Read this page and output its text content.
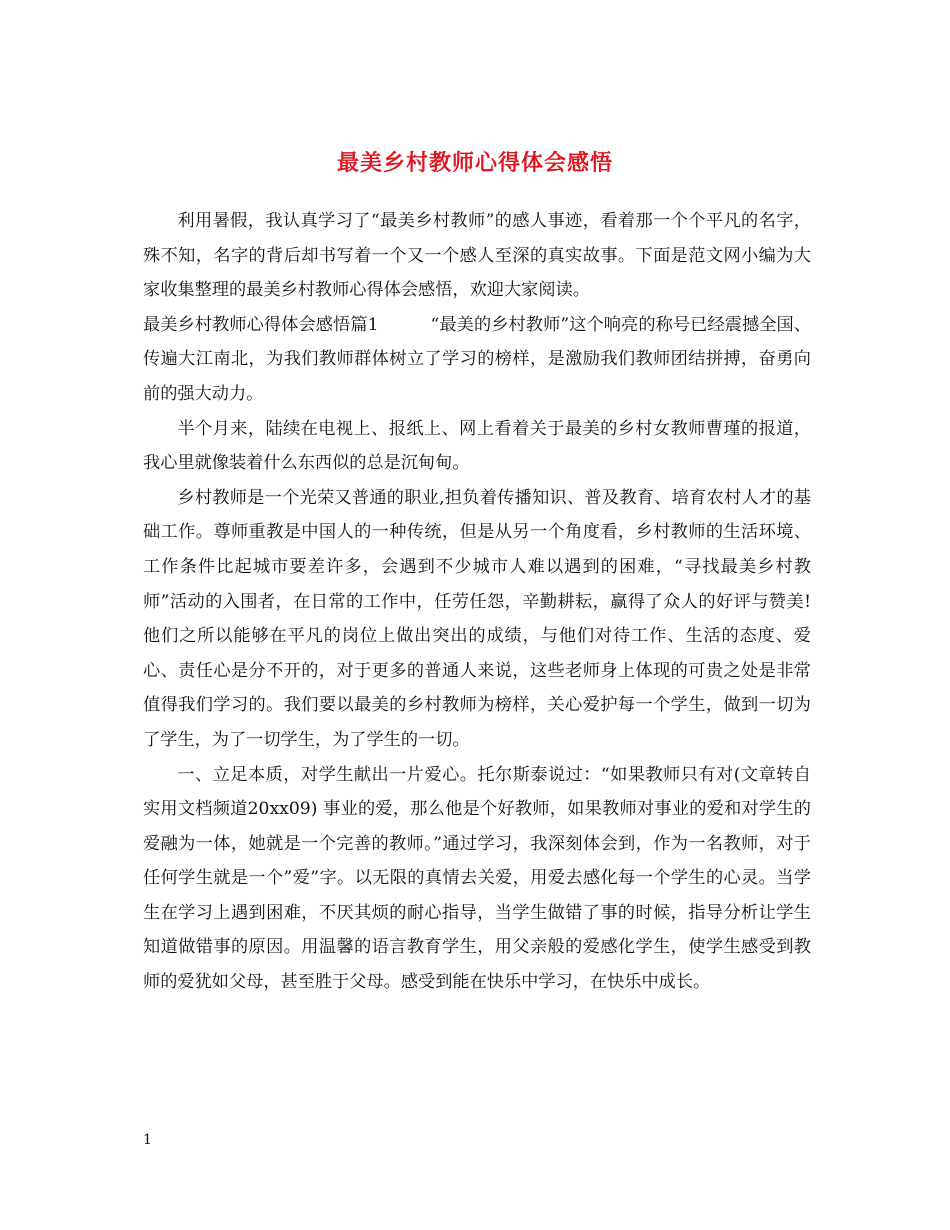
最美乡村教师心得体会感悟

利用暑假，我认真学习了“最美乡村教师”的感人事迹，看着那一个个平凡的名字，殊不知，名字的背后却书写着一个又一个感人至深的真实故事。下面是范文网小编为大家收集整理的最美乡村教师心得体会感悟，欢迎大家阅读。

最美乡村教师心得体会感悟篇1	“最美的乡村教师”这个响亮的称号已经震撼全国、传遍大江南北，为我们教师群体树立了学习的榜样，是激励我们教师团结拼搏，奋勇向前的强大动力。

半个月来，陆续在电视上、报纸上、网上看着关于最美的乡村女教师曹瑾的报道，我心里就像装着什么东西似的总是沉甸甸。

乡村教师是一个光荣又普通的职业,担负着传播知识、普及教育、培育农村人才的基础工作。尊师重教是中国人的一种传统，但是从另一个角度看，乡村教师的生活环境、工作条件比起城市要差许多，会遇到不少城市人难以遇到的困难，“寻找最美乡村教师”活动的入围者，在日常的工作中，任劳任怨，辛勤耕耘，赢得了众人的好评与赞美!他们之所以能够在平凡的岗位上做出突出的成绩，与他们对待工作、生活的态度、爱心、责任心是分不开的，对于更多的普通人来说，这些老师身上体现的可贵之处是非常值得我们学习的。我们要以最美的乡村教师为榜样，关心爱护每一个学生，做到一切为了学生，为了一切学生，为了学生的一切。

一、立足本质，对学生献出一片爱心。托尔斯泰说过：“如果教师只有对(文章转自实用文档频道20xx09) 事业的爱，那么他是个好教师，如果教师对事业的爱和对学生的爱融为一体，她就是一个完善的教师。”通过学习，我深刻体会到，作为一名教师，对于任何学生就是一个”爱”字。以无限的真情去关爱，用爱去感化每一个学生的心灵。当学生在学习上遇到困难，不厌其烦的耐心指导，当学生做错了事的时候，指导分析让学生知道做错事的原因。用温馨的语言教育学生，用父亲般的爱感化学生，使学生感受到教师的爱犹如父母，甚至胜于父母。感受到能在快乐中学习，在快乐中成长。

1
